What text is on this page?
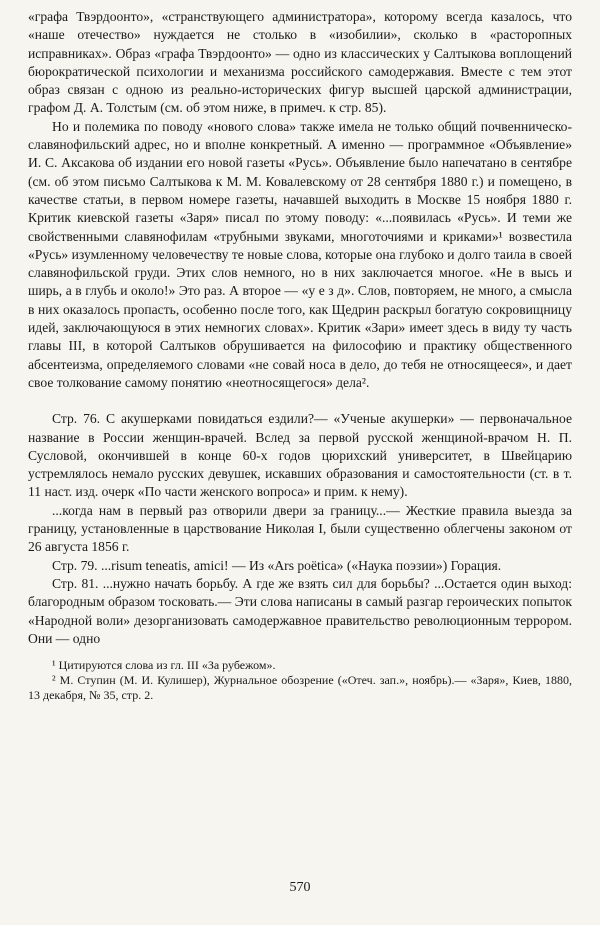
«графа Твэрдоонто», «странствующего администратора», которому всегда казалось, что «наше отечество» нуждается не столько в «изобилии», сколько в «расторопных исправниках». Образ «графа Твэрдоонто» — одно из классических у Салтыкова воплощений бюрократической психологии и механизма российского самодержавия. Вместе с тем этот образ связан с одною из реально-исторических фигур высшей царской администрации, графом Д. А. Толстым (см. об этом ниже, в примеч. к стр. 85).

Но и полемика по поводу «нового слова» также имела не только общий почвенническо-славянофильский адрес, но и вполне конкретный. А именно — программное «Объявление» И. С. Аксакова об издании его новой газеты «Русь». Объявление было напечатано в сентябре (см. об этом письмо Салтыкова к М. М. Ковалевскому от 28 сентября 1880 г.) и помещено, в качестве статьи, в первом номере газеты, начавшей выходить в Москве 15 ноября 1880 г. Критик киевской газеты «Заря» писал по этому поводу: «...появилась «Русь». И теми же свойственными славянофилам «трубными звуками, многоточиями и криками»¹ возвестила «Русь» изумленному человечеству те новые слова, которые она глубоко и долго таила в своей славянофильской груди. Этих слов немного, но в них заключается многое. «Не в высь и ширь, а в глубь и около!» Это раз. А второе — «у е з д». Слов, повторяем, не много, а смысла в них оказалось пропасть, особенно после того, как Щедрин раскрыл богатую сокровищницу идей, заключающуюся в этих немногих словах». Критик «Зари» имеет здесь в виду ту часть главы III, в которой Салтыков обрушивается на философию и практику общественного абсентеизма, определяемого словами «не совай носа в дело, до тебя не относящееся», и дает свое толкование самому понятию «неотносящегося» дела².

Стр. 76. С акушерками повидаться ездили?— «Ученые акушерки» — первоначальное название в России женщин-врачей. Вслед за первой русской женщиной-врачом Н. П. Сусловой, окончившей в конце 60-х годов цюрихский университет, в Швейцарию устремлялось немало русских девушек, искавших образования и самостоятельности (ст. в т. 11 наст. изд. очерк «По части женского вопроса» и прим. к нему).

...когда нам в первый раз отворили двери за границу...— Жесткие правила выезда за границу, установленные в царствование Николая I, были существенно облегчены законом от 26 августа 1856 г.

Стр. 79. ...risum teneatis, amici! — Из «Ars poëtica» («Наука поэзии») Горация.

Стр. 81. ...нужно начать борьбу. А где же взять сил для борьбы? ...Остается один выход: благородным образом тосковать.— Эти слова написаны в самый разгар героических попыток «Народной воли» дезорганизовать самодержавное правительство революционным террором. Они — одно

¹ Цитируются слова из гл. III «За рубежом».

² М. Ступин (М. И. Кулишер), Журнальное обозрение («Отеч. зап.», ноябрь).— «Заря», Киев, 1880, 13 декабря, № 35, стр. 2.

570
